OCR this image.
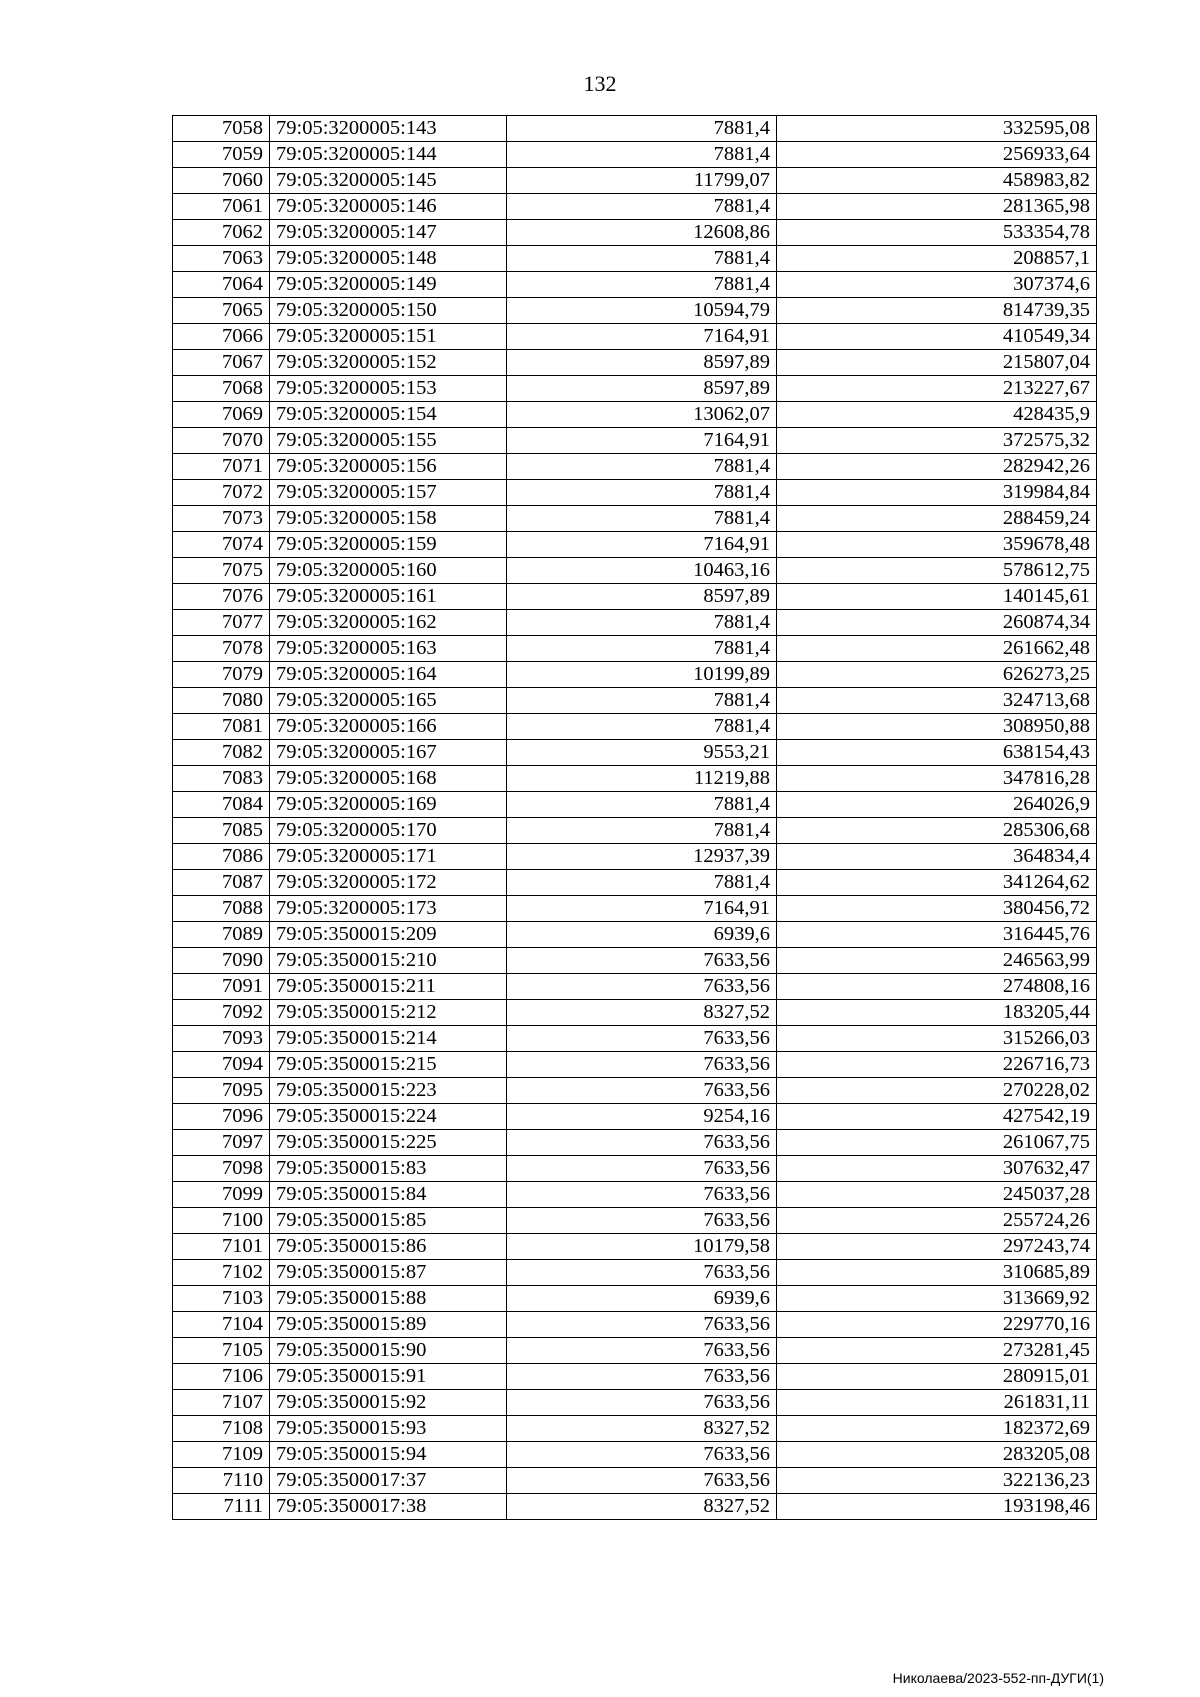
132
7058	79:05:3200005:143	7881,4	332595,08
7059	79:05:3200005:144	7881,4	256933,64
7060	79:05:3200005:145	11799,07	458983,82
7061	79:05:3200005:146	7881,4	281365,98
7062	79:05:3200005:147	12608,86	533354,78
7063	79:05:3200005:148	7881,4	208857,1
7064	79:05:3200005:149	7881,4	307374,6
7065	79:05:3200005:150	10594,79	814739,35
7066	79:05:3200005:151	7164,91	410549,34
7067	79:05:3200005:152	8597,89	215807,04
7068	79:05:3200005:153	8597,89	213227,67
7069	79:05:3200005:154	13062,07	428435,9
7070	79:05:3200005:155	7164,91	372575,32
7071	79:05:3200005:156	7881,4	282942,26
7072	79:05:3200005:157	7881,4	319984,84
7073	79:05:3200005:158	7881,4	288459,24
7074	79:05:3200005:159	7164,91	359678,48
7075	79:05:3200005:160	10463,16	578612,75
7076	79:05:3200005:161	8597,89	140145,61
7077	79:05:3200005:162	7881,4	260874,34
7078	79:05:3200005:163	7881,4	261662,48
7079	79:05:3200005:164	10199,89	626273,25
7080	79:05:3200005:165	7881,4	324713,68
7081	79:05:3200005:166	7881,4	308950,88
7082	79:05:3200005:167	9553,21	638154,43
7083	79:05:3200005:168	11219,88	347816,28
7084	79:05:3200005:169	7881,4	264026,9
7085	79:05:3200005:170	7881,4	285306,68
7086	79:05:3200005:171	12937,39	364834,4
7087	79:05:3200005:172	7881,4	341264,62
7088	79:05:3200005:173	7164,91	380456,72
7089	79:05:3500015:209	6939,6	316445,76
7090	79:05:3500015:210	7633,56	246563,99
7091	79:05:3500015:211	7633,56	274808,16
7092	79:05:3500015:212	8327,52	183205,44
7093	79:05:3500015:214	7633,56	315266,03
7094	79:05:3500015:215	7633,56	226716,73
7095	79:05:3500015:223	7633,56	270228,02
7096	79:05:3500015:224	9254,16	427542,19
7097	79:05:3500015:225	7633,56	261067,75
7098	79:05:3500015:83	7633,56	307632,47
7099	79:05:3500015:84	7633,56	245037,28
7100	79:05:3500015:85	7633,56	255724,26
7101	79:05:3500015:86	10179,58	297243,74
7102	79:05:3500015:87	7633,56	310685,89
7103	79:05:3500015:88	6939,6	313669,92
7104	79:05:3500015:89	7633,56	229770,16
7105	79:05:3500015:90	7633,56	273281,45
7106	79:05:3500015:91	7633,56	280915,01
7107	79:05:3500015:92	7633,56	261831,11
7108	79:05:3500015:93	8327,52	182372,69
7109	79:05:3500015:94	7633,56	283205,08
7110	79:05:3500017:37	7633,56	322136,23
7111	79:05:3500017:38	8327,52	193198,46
Николаева/2023-552-пп-ДУГИ(1)
